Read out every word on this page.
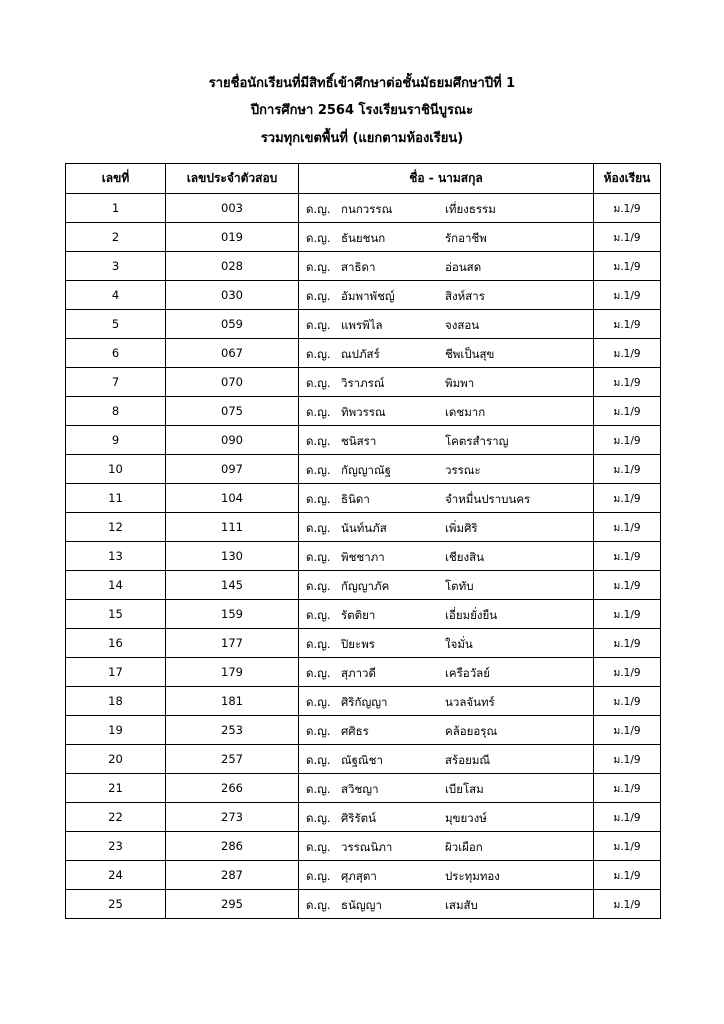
รายชื่อนักเรียนที่มีสิทธิ์เข้าศึกษาต่อชั้นมัธยมศึกษาปีที่ 1
ปีการศึกษา 2564 โรงเรียนราชินีบูรณะ
รวมทุกเขตพื้นที่ (แยกตามห้องเรียน)
เลขที่	เลขประจำตัวสอบ	ชื่อ - นามสกุล	ห้องเรียน
1	003	ด.ญ. กนกวรรณ เที่ยงธรรม	ม.1/9
2	019	ด.ญ. ธันยชนก รักอาชีพ	ม.1/9
3	028	ด.ญ. สาธิดา อ่อนสด	ม.1/9
4	030	ด.ญ. อัมพาพัชญ์ สิงห์สาร	ม.1/9
5	059	ด.ญ. แพรพิไล จงสอน	ม.1/9
6	067	ด.ญ. ณปภัสร์ ชีพเป็นสุข	ม.1/9
7	070	ด.ญ. วิราภรณ์ พิมพา	ม.1/9
8	075	ด.ญ. ทิพวรรณ เดชมาก	ม.1/9
9	090	ด.ญ. ชนิสรา โคตรสำราญ	ม.1/9
10	097	ด.ญ. กัญญาณัฐ วรรณะ	ม.1/9
11	104	ด.ญ. ธินิดา จำหมื่นปราบนคร	ม.1/9
12	111	ด.ญ. นันท์นภัส เพิ่มศิริ	ม.1/9
13	130	ด.ญ. พิชชาภา เชียงสิน	ม.1/9
14	145	ด.ญ. กัญญาภัค โตทับ	ม.1/9
15	159	ด.ญ. รัตติยา เอี่ยมยั่งยืน	ม.1/9
16	177	ด.ญ. ปิยะพร ใจมั่น	ม.1/9
17	179	ด.ญ. สุภาวดี เครือวัลย์	ม.1/9
18	181	ด.ญ. ศิริกัญญา นวลจันทร์	ม.1/9
19	253	ด.ญ. ศศิธร คล้อยอรุณ	ม.1/9
20	257	ด.ญ. ณัฐณิชา สร้อยมณี	ม.1/9
21	266	ด.ญ. สวิชญา เบียโสม	ม.1/9
22	273	ด.ญ. ศิริรัตน์ มุขยวงษ์	ม.1/9
23	286	ด.ญ. วรรณนิภา ผิวเผือก	ม.1/9
24	287	ด.ญ. ศุภสุตา ประทุมทอง	ม.1/9
25	295	ด.ญ. ธนัญญา เสมสับ	ม.1/9
